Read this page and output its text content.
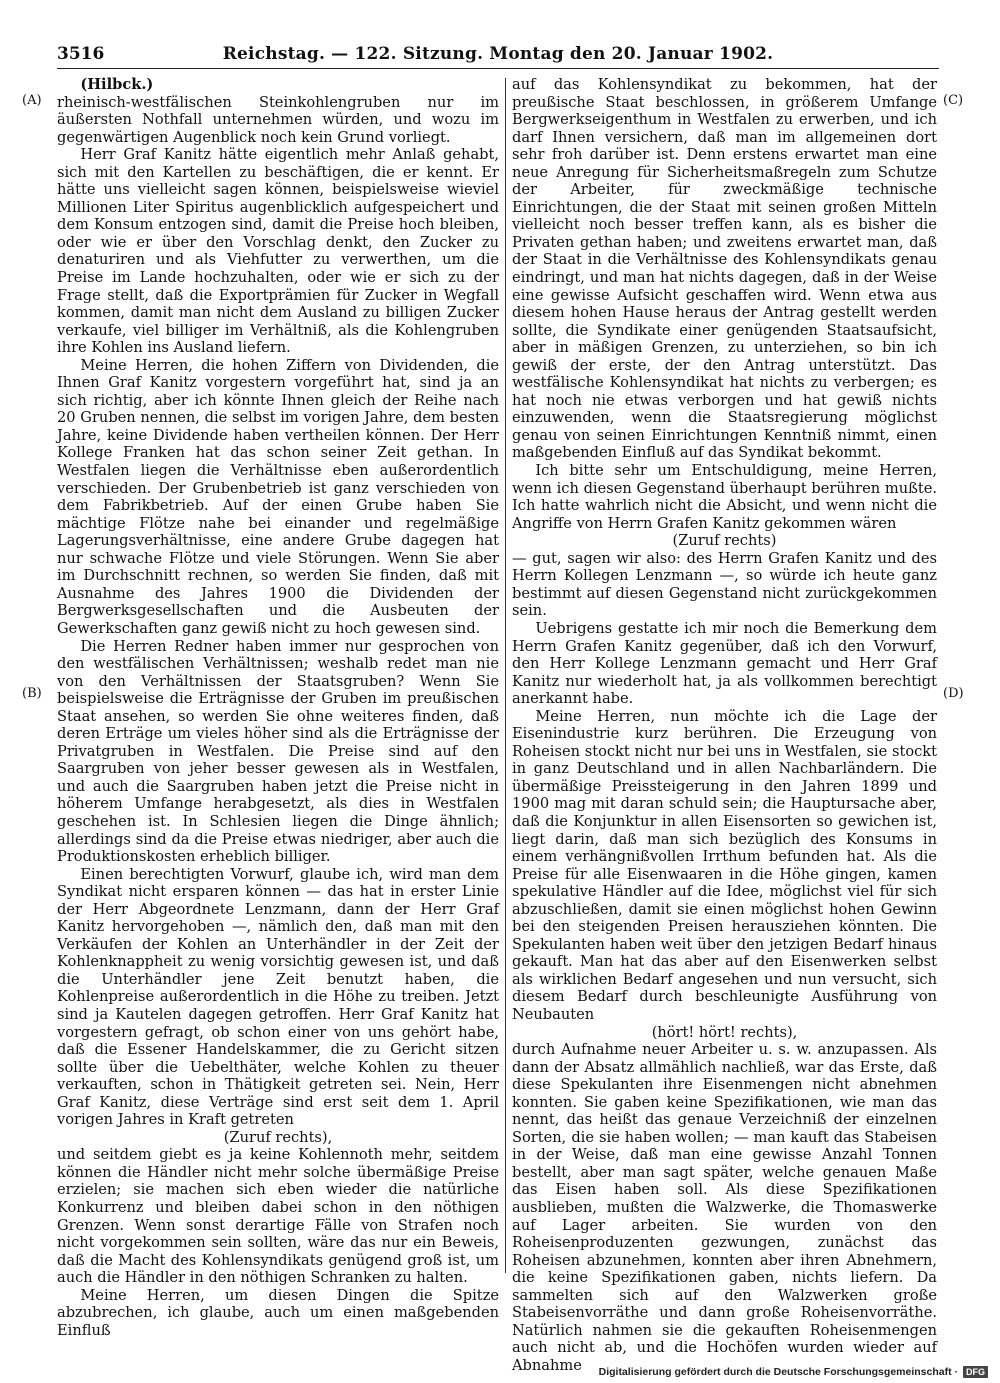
3516	Reichstag. — 122. Sitzung. Montag den 20. Januar 1902.
(A)
(B)
(C)
(D)

(Hilbck.)

rheinisch-westfälischen Steinkohlengruben nur im äußersten Nothfall unternehmen würden, und wozu im gegenwärtigen Augenblick noch kein Grund vorliegt.

Herr Graf Kanitz hätte eigentlich mehr Anlaß gehabt, sich mit den Kartellen zu beschäftigen, die er kennt. Er hätte uns vielleicht sagen können, beispielsweise wieviel Millionen Liter Spiritus augenblicklich aufgespeichert und dem Konsum entzogen sind, damit die Preise hoch bleiben, oder wie er über den Vorschlag denkt, den Zucker zu denaturiren und als Viehfutter zu verwerthen, um die Preise im Lande hochzuhalten, oder wie er sich zu der Frage stellt, daß die Exportprämien für Zucker in Wegfall kommen, damit man nicht dem Ausland zu billigen Zucker verkaufe, viel billiger im Verhältniß, als die Kohlengruben ihre Kohlen ins Ausland liefern.

Meine Herren, die hohen Ziffern von Dividenden, die Ihnen Graf Kanitz vorgestern vorgeführt hat, sind ja an sich richtig, aber ich könnte Ihnen gleich der Reihe nach 20 Gruben nennen, die selbst im vorigen Jahre, dem besten Jahre, keine Dividende haben vertheilen können. Der Herr Kollege Franken hat das schon seiner Zeit gethan. In Westfalen liegen die Verhältnisse eben außerordentlich verschieden. Der Grubenbetrieb ist ganz verschieden von dem Fabrikbetrieb. Auf der einen Grube haben Sie mächtige Flötze nahe bei einander und regelmäßige Lagerungsverhältnisse, eine andere Grube dagegen hat nur schwache Flötze und viele Störungen. Wenn Sie aber im Durchschnitt rechnen, so werden Sie finden, daß mit Ausnahme des Jahres 1900 die Dividenden der Bergwerksgesellschaften und die Ausbeuten der Gewerkschaften ganz gewiß nicht zu hoch gewesen sind.

Die Herren Redner haben immer nur gesprochen von den westfälischen Verhältnissen; weshalb redet man nie von den Verhältnissen der Staatsgruben? Wenn Sie beispielsweise die Erträgnisse der Gruben im preußischen Staat ansehen, so werden Sie ohne weiteres finden, daß deren Erträge um vieles höher sind als die Erträgnisse der Privatgruben in Westfalen. Die Preise sind auf den Saargruben von jeher besser gewesen als in Westfalen, und auch die Saargruben haben jetzt die Preise nicht in höherem Umfange herabgesetzt, als dies in Westfalen geschehen ist. In Schlesien liegen die Dinge ähnlich; allerdings sind da die Preise etwas niedriger, aber auch die Produktionskosten erheblich billiger.

Einen berechtigten Vorwurf, glaube ich, wird man dem Syndikat nicht ersparen können — das hat in erster Linie der Herr Abgeordnete Lenzmann, dann der Herr Graf Kanitz hervorgehoben —, nämlich den, daß man mit den Verkäufen der Kohlen an Unterhändler in der Zeit der Kohlenknappheit zu wenig vorsichtig gewesen ist, und daß die Unterhändler jene Zeit benutzt haben, die Kohlenpreise außerordentlich in die Höhe zu treiben. Jetzt sind ja Kautelen dagegen getroffen. Herr Graf Kanitz hat vorgestern gefragt, ob schon einer von uns gehört habe, daß die Essener Handelskammer, die zu Gericht sitzen sollte über die Uebelthäter, welche Kohlen zu theuer verkauften, schon in Thätigkeit getreten sei. Nein, Herr Graf Kanitz, diese Verträge sind erst seit dem 1. April vorigen Jahres in Kraft getreten

(Zuruf rechts),

und seitdem giebt es ja keine Kohlennoth mehr, seitdem können die Händler nicht mehr solche übermäßige Preise erzielen; sie machen sich eben wieder die natürliche Konkurrenz und bleiben dabei schon in den nöthigen Grenzen. Wenn sonst derartige Fälle von Strafen noch nicht vorgekommen sein sollten, wäre das nur ein Beweis, daß die Macht des Kohlensyndikats genügend groß ist, um auch die Händler in den nöthigen Schranken zu halten.

Meine Herren, um diesen Dingen die Spitze abzubrechen, ich glaube, auch um einen maßgebenden Einfluß

auf das Kohlensyndikat zu bekommen, hat der preußische Staat beschlossen, in größerem Umfange Bergwerkseigenthum in Westfalen zu erwerben, und ich darf Ihnen versichern, daß man im allgemeinen dort sehr froh darüber ist. Denn erstens erwartet man eine neue Anregung für Sicherheitsmaßregeln zum Schutze der Arbeiter, für zweckmäßige technische Einrichtungen, die der Staat mit seinen großen Mitteln vielleicht noch besser treffen kann, als es bisher die Privaten gethan haben; und zweitens erwartet man, daß der Staat in die Verhältnisse des Kohlensyndikats genau eindringt, und man hat nichts dagegen, daß in der Weise eine gewisse Aufsicht geschaffen wird. Wenn etwa aus diesem hohen Hause heraus der Antrag gestellt werden sollte, die Syndikate einer genügenden Staatsaufsicht, aber in mäßigen Grenzen, zu unterziehen, so bin ich gewiß der erste, der den Antrag unterstützt. Das westfälische Kohlensyndikat hat nichts zu verbergen; es hat noch nie etwas verborgen und hat gewiß nichts einzuwenden, wenn die Staatsregierung möglichst genau von seinen Einrichtungen Kenntniß nimmt, einen maßgebenden Einfluß auf das Syndikat bekommt.

Ich bitte sehr um Entschuldigung, meine Herren, wenn ich diesen Gegenstand überhaupt berühren mußte. Ich hatte wahrlich nicht die Absicht, und wenn nicht die Angriffe von Herrn Grafen Kanitz gekommen wären

(Zuruf rechts)

— gut, sagen wir also: des Herrn Grafen Kanitz und des Herrn Kollegen Lenzmann —, so würde ich heute ganz bestimmt auf diesen Gegenstand nicht zurückgekommen sein.

Uebrigens gestatte ich mir noch die Bemerkung dem Herrn Grafen Kanitz gegenüber, daß ich den Vorwurf, den Herr Kollege Lenzmann gemacht und Herr Graf Kanitz nur wiederholt hat, ja als vollkommen berechtigt anerkannt habe.

Meine Herren, nun möchte ich die Lage der Eisenindustrie kurz berühren. Die Erzeugung von Roheisen stockt nicht nur bei uns in Westfalen, sie stockt in ganz Deutschland und in allen Nachbarländern. Die übermäßige Preissteigerung in den Jahren 1899 und 1900 mag mit daran schuld sein; die Hauptursache aber, daß die Konjunktur in allen Eisensorten so gewichen ist, liegt darin, daß man sich bezüglich des Konsums in einem verhängnißvollen Irrthum befunden hat. Als die Preise für alle Eisenwaaren in die Höhe gingen, kamen spekulative Händler auf die Idee, möglichst viel für sich abzuschließen, damit sie einen möglichst hohen Gewinn bei den steigenden Preisen herausziehen könnten. Die Spekulanten haben weit über den jetzigen Bedarf hinaus gekauft. Man hat das aber auf den Eisenwerken selbst als wirklichen Bedarf angesehen und nun versucht, sich diesem Bedarf durch beschleunigte Ausführung von Neubauten

(hört! hört! rechts),

durch Aufnahme neuer Arbeiter u. s. w. anzupassen. Als dann der Absatz allmählich nachließ, war das Erste, daß diese Spekulanten ihre Eisenmengen nicht abnehmen konnten. Sie gaben keine Spezifikationen, wie man das nennt, das heißt das genaue Verzeichniß der einzelnen Sorten, die sie haben wollen; — man kauft das Stabeisen in der Weise, daß man eine gewisse Anzahl Tonnen bestellt, aber man sagt später, welche genauen Maße das Eisen haben soll. Als diese Spezifikationen ausblieben, mußten die Walzwerke, die Thomaswerke auf Lager arbeiten. Sie wurden von den Roheisenproduzenten gezwungen, zunächst das Roheisen abzunehmen, konnten aber ihren Abnehmern, die keine Spezifikationen gaben, nichts liefern. Da sammelten sich auf den Walzwerken große Stabeisenvorräthe und dann große Roheisenvorräthe. Natürlich nahmen sie die gekauften Roheisenmengen auch nicht ab, und die Hochöfen wurden wieder auf Abnahme	Digitalisierung gefördert durch die Deutsche Forschungsgemeinschaft · DFG
